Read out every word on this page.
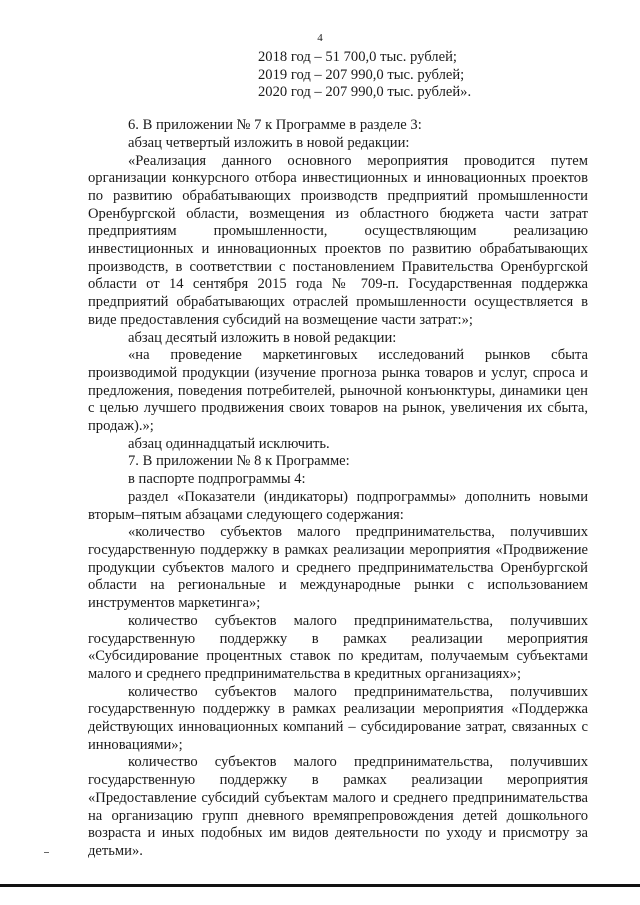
4

2018 год – 51 700,0 тыс. рублей;

2019 год – 207 990,0 тыс. рублей;

2020 год – 207 990,0 тыс. рублей».

6. В приложении № 7 к Программе в разделе 3:

абзац четвертый изложить в новой редакции:

«Реализация данного основного мероприятия проводится путем организации конкурсного отбора инвестиционных и инновационных проектов по развитию обрабатывающих производств предприятий промышленности Оренбургской области, возмещения из областного бюджета части затрат предприятиям промышленности, осуществляющим реализацию инвестиционных и инновационных проектов по развитию обрабатывающих производств, в соответствии с постановлением Правительства Оренбургской области от 14 сентября 2015 года № 709-п. Государственная поддержка предприятий обрабатывающих отраслей промышленности осуществляется в виде предоставления субсидий на возмещение части затрат:»;

абзац десятый изложить в новой редакции:

«на проведение маркетинговых исследований рынков сбыта производимой продукции (изучение прогноза рынка товаров и услуг, спроса и предложения, поведения потребителей, рыночной конъюнктуры, динамики цен с целью лучшего продвижения своих товаров на рынок, увеличения их сбыта, продаж).»;

абзац одиннадцатый исключить.

7. В приложении № 8 к Программе:

в паспорте подпрограммы 4:

раздел «Показатели (индикаторы) подпрограммы» дополнить новыми вторым–пятым абзацами следующего содержания:

«количество субъектов малого предпринимательства, получивших государственную поддержку в рамках реализации мероприятия «Продвижение продукции субъектов малого и среднего предпринимательства Оренбургской области на региональные и международные рынки с использованием инструментов маркетинга»;

количество субъектов малого предпринимательства, получивших государственную поддержку в рамках реализации мероприятия «Субсидирование процентных ставок по кредитам, получаемым субъектами малого и среднего предпринимательства в кредитных организациях»;

количество субъектов малого предпринимательства, получивших государственную поддержку в рамках реализации мероприятия «Поддержка действующих инновационных компаний – субсидирование затрат, связанных с инновациями»;

количество субъектов малого предпринимательства, получивших государственную поддержку в рамках реализации мероприятия «Предоставление субсидий субъектам малого и среднего предпринимательства на организацию групп дневного времяпрепровождения детей дошкольного возраста и иных подобных им видов деятельности по уходу и присмотру за детьми».
